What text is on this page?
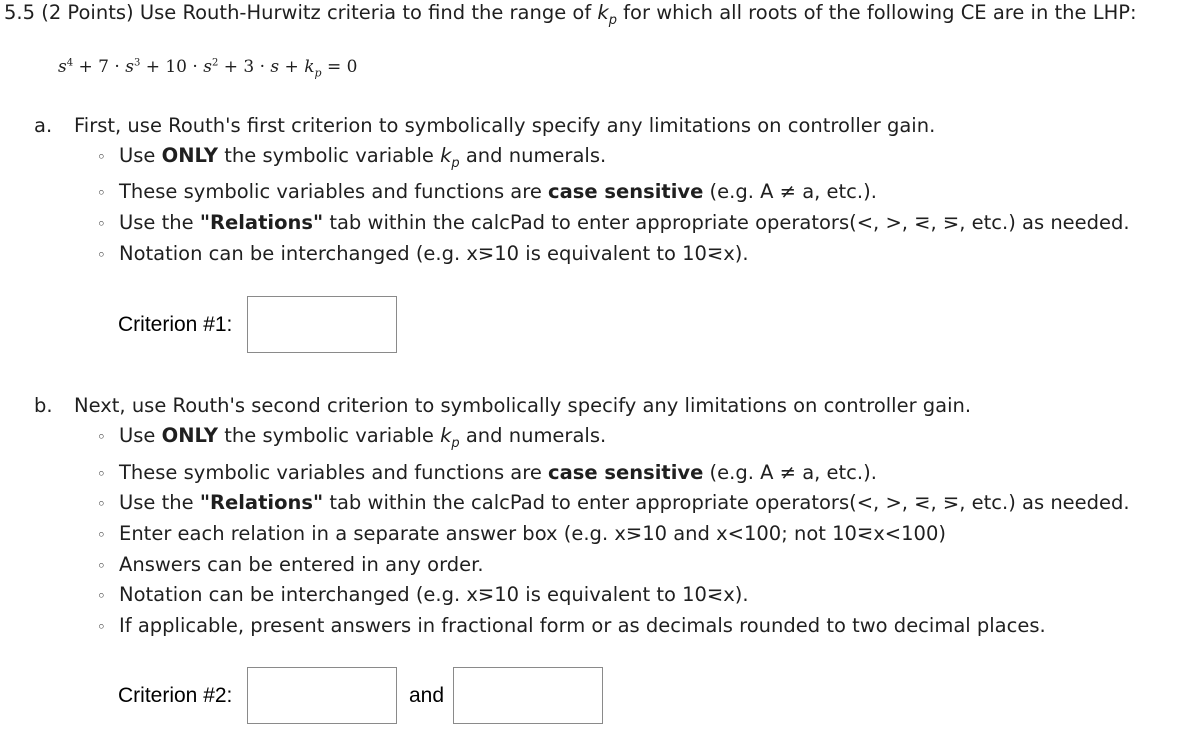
5.5 (2 Points) Use Routh-Hurwitz criteria to find the range of $k_p$ for which all roots of the following CE are in the LHP:
$s^4 + 7 \cdot s^3 + 10 \cdot s^2 + 3 \cdot s + k_p = 0$
a. First, use Routh's first criterion to symbolically specify any limitations on controller gain.
◦ Use ONLY the symbolic variable $k_p$ and numerals.
◦ These symbolic variables and functions are case sensitive (e.g. A ≠ a, etc.).
◦ Use the "Relations" tab within the calcPad to enter appropriate operators(<, >, ⋜, ⋝, etc.) as needed.
◦ Notation can be interchanged (e.g. x⋝10 is equivalent to 10⋜x).
Criterion #1:
b. Next, use Routh's second criterion to symbolically specify any limitations on controller gain.
◦ Use ONLY the symbolic variable $k_p$ and numerals.
◦ These symbolic variables and functions are case sensitive (e.g. A ≠ a, etc.).
◦ Use the "Relations" tab within the calcPad to enter appropriate operators(<, >, ⋜, ⋝, etc.) as needed.
◦ Enter each relation in a separate answer box (e.g. x⋝10 and x<100; not 10⋜x<100)
◦ Answers can be entered in any order.
◦ Notation can be interchanged (e.g. x⋝10 is equivalent to 10⋜x).
◦ If applicable, present answers in fractional form or as decimals rounded to two decimal places.
Criterion #2:	and
